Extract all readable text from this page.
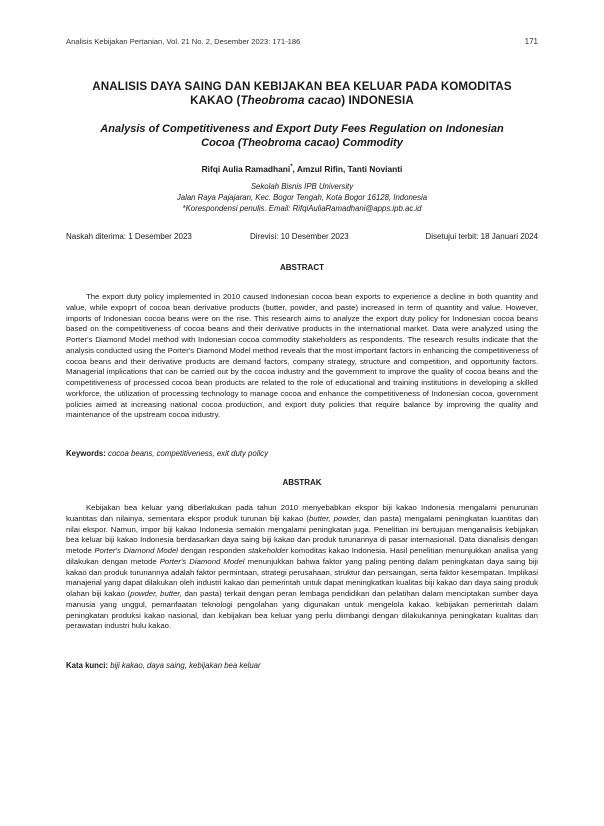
Analisis Kebijakan Pertanian, Vol. 21 No. 2, Desember 2023: 171-186	171
ANALISIS DAYA SAING DAN KEBIJAKAN BEA KELUAR PADA KOMODITAS
KAKAO (Theobroma cacao) INDONESIA
Analysis of Competitiveness and Export Duty Fees Regulation on Indonesian
Cocoa (Theobroma cacao) Commodity
Rifqi Aulia Ramadhani*, Amzul Rifin, Tanti Novianti
Sekolah Bisnis IPB University
Jalan Raya Pajajaran, Kec. Bogor Tengah, Kota Bogor 16128, Indonesia
*Korespondensi penulis. Email: RifqiAuliaRamadhani@apps.ipb.ac.id
Naskah diterima: 1 Desember 2023	Direvisi: 10 Desember 2023	Disetujui terbit: 18 Januari 2024
ABSTRACT
The export duty policy implemented in 2010 caused Indonesian cocoa bean exports to experience a decline in both quantity and value, while expoprt of cocoa bean derivative products (butter, powder, and paste) increased in term of quantity and value. However, imports of Indonesian cocoa beans were on the rise. This research aims to analyze the export duty policy for Indonesian cocoa beans based on the competitiveness of cocoa beans and their derivative products in the international market. Data were analyzed using the Porter's Diamond Model method with Indonesian cocoa commodity stakeholders as respondents. The research results indicate that the analysis conducted using the Porter's Diamond Model method reveals that the most important factors in enhancing the competitiveness of cocoa beans and their derivative products are demand factors, company strategy, structure and competition, and opportunity factors. Managerial implications that can be carried out by the cocoa industry and the government to improve the quality of cocoa beans and the competitiveness of processed cocoa bean products are related to the role of educational and training institutions in developing a skilled workforce, the utilization of processing technology to manage cocoa and enhance the competitiveness of Indonesian cocoa, government policies aimed at increasing national cocoa production, and export duty policies that require balance by improving the quality and maintenance of the upstream cocoa industry.
Keywords: cocoa beans, competitiveness, exit duty policy
ABSTRAK
Kebijakan bea keluar yang diberlakukan pada tahun 2010 menyebabkan ekspor biji kakao Indonesia mengalami penurunan kuantitas dan nilainya, sementara ekspor produk turunan biji kakao (butter, powder, dan pasta) mengalami peningkatan kuantitas dan nilai ekspor. Namun, impor biji kakao Indonesia semakin mengalami peningkatan juga. Penelitian ini bertujuan menganalisis kebijakan bea keluar biji kakao Indonesia berdasarkan daya saing biji kakao dan produk turunannya di pasar internasional. Data dianalisis dengan metode Porter's Diamond Model dengan responden stakeholder komoditas kakao Indonesia. Hasil penelitian menunjukkan analisa yang dilakukan dengan metode Porter's Diamond Model menunjukkan bahwa faktor yang paling penting dalam peningkatan daya saing biji kakao dan produk turunannya adalah faktor permintaan, strategi perusahaan, struktur dan persaingan, serta faktor kesempatan. Implikasi manajerial yang dapat dilakukan oleh industri kakao dan pemerintah untuk dapat meningkatkan kualitas biji kakao dan daya saing produk olahan biji kakao (powder, butter, dan pasta) terkait dengan peran lembaga pendidikan dan pelatihan dalam menciptakan sumber daya manusia yang unggul, pemanfaatan teknologi pengolahan yang digunakan untuk mengelola kakao. kebijakan pemerintah dalam peningkatan produksi kakao nasional, dan kebijakan bea keluar yang perlu diimbangi dengan dilakukannya peningkatan kualitas dan perawatan industri hulu kakao.
Kata kunci: biji kakao, daya saing, kebijakan bea keluar
